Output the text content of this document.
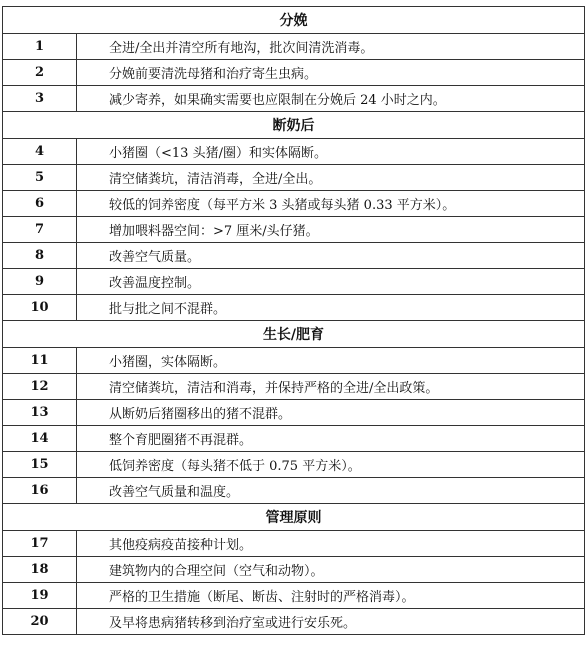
分娩	
1	全进/全出并清空所有地沟，批次间清洗消毒。
2	分娩前要清洗母猪和治疗寄生虫病。
3	减少寄养，如果确实需要也应限制在分娩后 24 小时之内。
断奶后	
4	小猪圈（<13 头猪/圈）和实体隔断。
5	清空储粪坑，清洁消毒，全进/全出。
6	较低的饲养密度（每平方米 3 头猪或每头猪 0.33 平方米）。
7	增加喂料器空间：>7 厘米/头仔猪。
8	改善空气质量。
9	改善温度控制。
10	批与批之间不混群。
生长/肥育	
11	小猪圈，实体隔断。
12	清空储粪坑，清洁和消毒，并保持严格的全进/全出政策。
13	从断奶后猪圈移出的猪不混群。
14	整个育肥圈猪不再混群。
15	低饲养密度（每头猪不低于 0.75 平方米）。
16	改善空气质量和温度。
管理原则	
17	其他疫病疫苗接种计划。
18	建筑物内的合理空间（空气和动物）。
19	严格的卫生措施（断尾、断齿、注射时的严格消毒）。
20	及早将患病猪转移到治疗室或进行安乐死。
